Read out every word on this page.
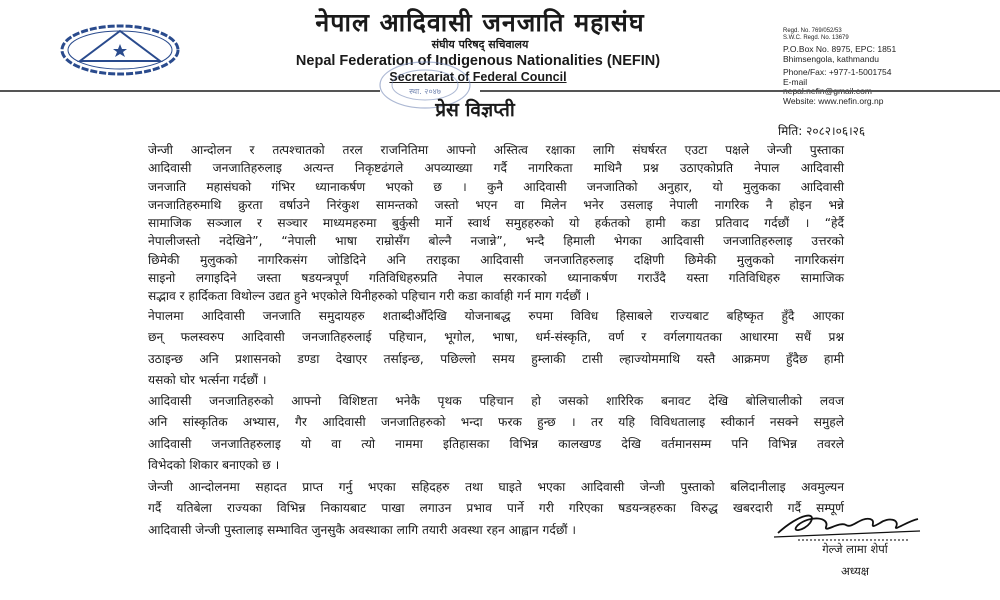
नेपाल आदिवासी जनजाति महासंघ
संघीय परिषद् सचिवालय
Nepal Federation of Indigenous Nationalities (NEFIN)
Secretariat of Federal Council
Regd. No. 769/052/53
S.W.C. Regd. No. 13679
P.O.Box No. 8975, EPC: 1851
Bhimsengola, kathmandu
Phone/Fax: +977-1-5001754
E-mail
Website: www.nefin.org.np
स्था. २०४७
प्रेस विज्ञप्ती
मिति: २०८२।०६।२६
जेन्जी आन्दोलन र तत्पश्चातको तरल राजनितिमा आफ्नो अस्तित्व रक्षाका लागि संघर्षरत एउटा पक्षले जेन्जी पुस्ताका
आदिवासी जनजातिहरुलाइ अत्यन्त निकृष्टढंगले अपव्याख्या गर्दै नागरिकता माथिनै प्रश्न उठाएकोप्रति नेपाल आदिवासी
जनजाति महासंघको गंभिर ध्यानाकर्षण भएको छ । कुनै आदिवासी जनजातिको अनुहार, यो मुलुकका आदिवासी
जनजातिहरुमाथि क्रुरता वर्षाउने निरंकुश सामन्तको जस्तो भएन वा मिलेन भनेर उसलाइ नेपाली नागरिक नै होइन भन्ने
सामाजिक सञ्जाल र सञ्चार माध्यमहरुमा बुर्कुसी मार्ने स्वार्थ समुहहरुको यो हर्कतको हामी कडा प्रतिवाद गर्दछौं । “हेर्दै
नेपालीजस्तो नदेखिने”, “नेपाली भाषा राम्रोसँग बोल्नै नजान्ने”, भन्दै हिमाली भेगका आदिवासी जनजातिहरुलाइ उत्तरको
छिमेकी मुलुकको नागरिकसंग जोडिदिने अनि तराइका आदिवासी जनजातिहरुलाइ दक्षिणी छिमेकी मुलुकको नागरिकसंग
साइनो लगाइदिने जस्ता षडयन्त्रपूर्ण गतिविधिहरुप्रति नेपाल सरकारको ध्यानाकर्षण गराउँदै यस्ता गतिविधिहरु सामाजिक
सद्भाव र हार्दिकता विथोल्न उद्यत हुने भएकोले यिनीहरुको पहिचान गरी कडा कार्वाही गर्न माग गर्दछौं ।
नेपालमा आदिवासी जनजाति समुदायहरु शताब्दीऔँदेखि योजनाबद्ध रुपमा विविध हिसाबले राज्यबाट बहिष्कृत हुँदै आएका
छन् फलस्वरुप आदिवासी जनजातिहरुलाई पहिचान, भूगोल, भाषा, धर्म-संस्कृति, वर्ण र वर्गलगायतका आधारमा सधैं प्रश्न
उठाइन्छ अनि प्रशासनको डण्डा देखाएर तर्साइन्छ, पछिल्लो समय हुम्लाकी टासी ल्हाज्योममाथि यस्तै आक्रमण हुँदैछ हामी
यसको घोर भर्त्सना गर्दछौं ।
आदिवासी जनजातिहरुको आफ्नो विशिष्टता भनेकै पृथक पहिचान हो जसको शारिरिक बनावट देखि बोलिचालीको लवज
अनि सांस्कृतिक अभ्यास, गैर आदिवासी जनजातिहरुको भन्दा फरक हुन्छ । तर यहि विविधतालाइ स्वीकार्न नसक्ने समुहले
आदिवासी जनजातिहरुलाइ यो वा त्यो नाममा इतिहासका विभिन्न कालखण्ड देखि वर्तमानसम्म पनि विभिन्न तवरले
विभेदको शिकार बनाएको छ ।
जेन्जी आन्दोलनमा सहादत प्राप्त गर्नु भएका सहिदहरु तथा घाइते भएका आदिवासी जेन्जी पुस्ताको बलिदानीलाइ अवमुल्यन
गर्दै यतिबेला राज्यका विभिन्न निकायबाट पाखा लगाउन प्रभाव पार्ने गरी गरिएका षडयन्त्रहरुका विरुद्ध खबरदारी गर्दै सम्पूर्ण
आदिवासी जेन्जी पुस्तालाइ सम्भावित जुनसुकै अवस्थाका लागि तयारी अवस्था रहन आह्वान गर्दछौं ।
गेल्जे लामा शेर्पा
अध्यक्ष
